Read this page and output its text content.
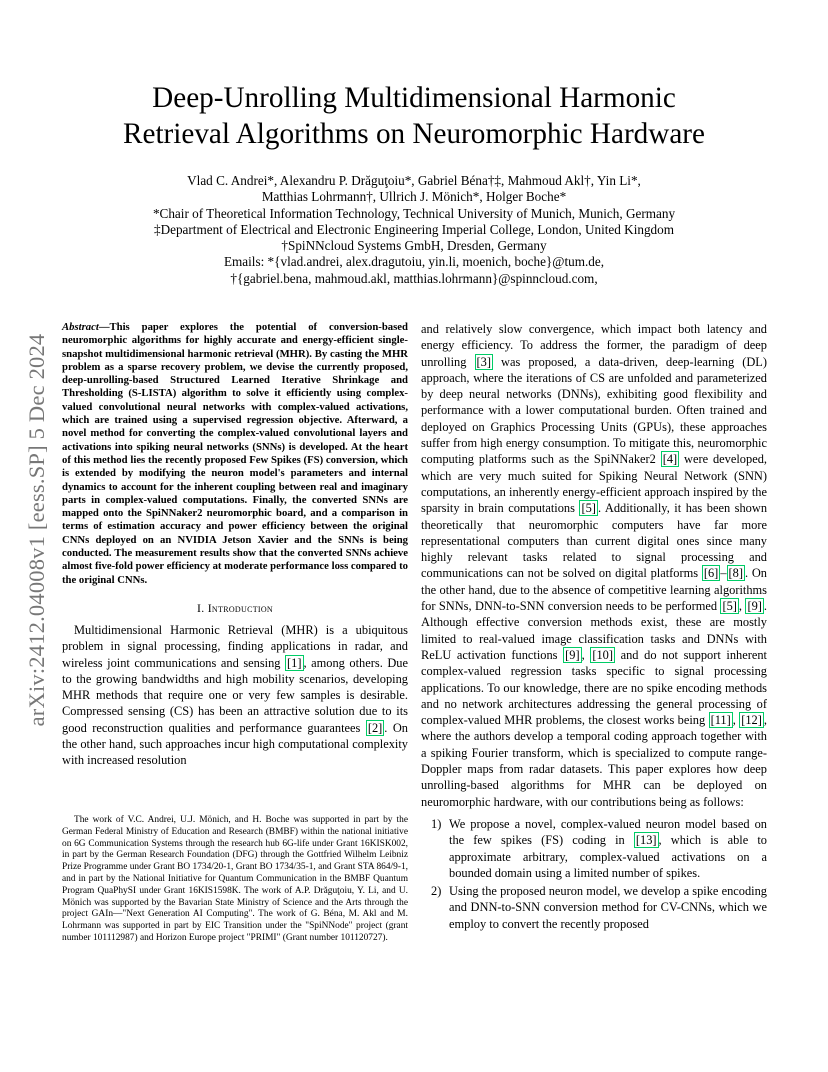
arXiv:2412.04008v1 [eess.SP] 5 Dec 2024
Deep-Unrolling Multidimensional Harmonic
Retrieval Algorithms on Neuromorphic Hardware
Vlad C. Andrei*, Alexandru P. Drăguţoiu*, Gabriel Béna†‡, Mahmoud Akl†, Yin Li*,
Matthias Lohrmann†, Ullrich J. Mönich*, Holger Boche*
*Chair of Theoretical Information Technology, Technical University of Munich, Munich, Germany
‡Department of Electrical and Electronic Engineering Imperial College, London, United Kingdom
†SpiNNcloud Systems GmbH, Dresden, Germany
Emails: *{vlad.andrei, alex.dragutoiu, yin.li, moenich, boche}@tum.de,
†{gabriel.bena, mahmoud.akl, matthias.lohrmann}@spinncloud.com,

Abstract—This paper explores the potential of conversion-based neuromorphic algorithms for highly accurate and energy-efficient single-snapshot multidimensional harmonic retrieval (MHR). By casting the MHR problem as a sparse recovery problem, we devise the currently proposed, deep-unrolling-based Structured Learned Iterative Shrinkage and Thresholding (S-LISTA) algorithm to solve it efficiently using complex-valued convolutional neural networks with complex-valued activations, which are trained using a supervised regression objective. Afterward, a novel method for converting the complex-valued convolutional layers and activations into spiking neural networks (SNNs) is developed. At the heart of this method lies the recently proposed Few Spikes (FS) conversion, which is extended by modifying the neuron model's parameters and internal dynamics to account for the inherent coupling between real and imaginary parts in complex-valued computations. Finally, the converted SNNs are mapped onto the SpiNNaker2 neuromorphic board, and a comparison in terms of estimation accuracy and power efficiency between the original CNNs deployed on an NVIDIA Jetson Xavier and the SNNs is being conducted. The measurement results show that the converted SNNs achieve almost five-fold power efficiency at moderate performance loss compared to the original CNNs.

I. Introduction

Multidimensional Harmonic Retrieval (MHR) is a ubiquitous problem in signal processing, finding applications in radar, and wireless joint communications and sensing [1] , among others. Due to the growing bandwidths and high mobility scenarios, developing MHR methods that require one or very few samples is desirable. Compressed sensing (CS) has been an attractive solution due to its good reconstruction qualities and performance guarantees [2] . On the other hand, such approaches incur high computational complexity with increased resolution

The work of V.C. Andrei, U.J. Mönich, and H. Boche was supported in part by the German Federal Ministry of Education and Research (BMBF) within the national initiative on 6G Communication Systems through the research hub 6G-life under Grant 16KISK002, in part by the German Research Foundation (DFG) through the Gottfried Wilhelm Leibniz Prize Programme under Grant BO 1734/20-1, Grant BO 1734/35-1, and Grant STA 864/9-1, and in part by the National Initiative for Quantum Communication in the BMBF Quantum Program QuaPhySI under Grant 16KIS1598K. The work of A.P. Drăguţoiu, Y. Li, and U. Mönich was supported by the Bavarian State Ministry of Science and the Arts through the project GAIn—"Next Generation AI Computing". The work of G. Béna, M. Akl and M. Lohrmann was supported in part by EIC Transition under the "SpiNNode" project (grant number 101112987) and Horizon Europe project "PRIMI" (Grant number 101120727).

and relatively slow convergence, which impact both latency and energy efficiency. To address the former, the paradigm of deep unrolling [3] was proposed, a data-driven, deep-learning (DL) approach, where the iterations of CS are unfolded and parameterized by deep neural networks (DNNs), exhibiting good flexibility and performance with a lower computational burden. Often trained and deployed on Graphics Processing Units (GPUs), these approaches suffer from high energy consumption. To mitigate this, neuromorphic computing platforms such as the SpiNNaker2 [4] were developed, which are very much suited for Spiking Neural Network (SNN) computations, an inherently energy-efficient approach inspired by the sparsity in brain computations [5] . Additionally, it has been shown theoretically that neuromorphic computers have far more representational computers than current digital ones since many highly relevant tasks related to signal processing and communications can not be solved on digital platforms [6] – [8] . On the other hand, due to the absence of competitive learning algorithms for SNNs, DNN-to-SNN conversion needs to be performed [5] , [9] . Although effective conversion methods exist, these are mostly limited to real-valued image classification tasks and DNNs with ReLU activation functions [9] , [10] and do not support inherent complex-valued regression tasks specific to signal processing applications. To our knowledge, there are no spike encoding methods and no network architectures addressing the general processing of complex-valued MHR problems, the closest works being [11] , [12] , where the authors develop a temporal coding approach together with a spiking Fourier transform, which is specialized to compute range-Doppler maps from radar datasets. This paper explores how deep unrolling-based algorithms for MHR can be deployed on neuromorphic hardware, with our contributions being as follows:

1) We propose a novel, complex-valued neuron model based on the few spikes (FS) coding in [13] , which is able to approximate arbitrary, complex-valued activations on a bounded domain using a limited number of spikes.
2) Using the proposed neuron model, we develop a spike encoding and DNN-to-SNN conversion method for CV-CNNs, which we employ to convert the recently proposed
